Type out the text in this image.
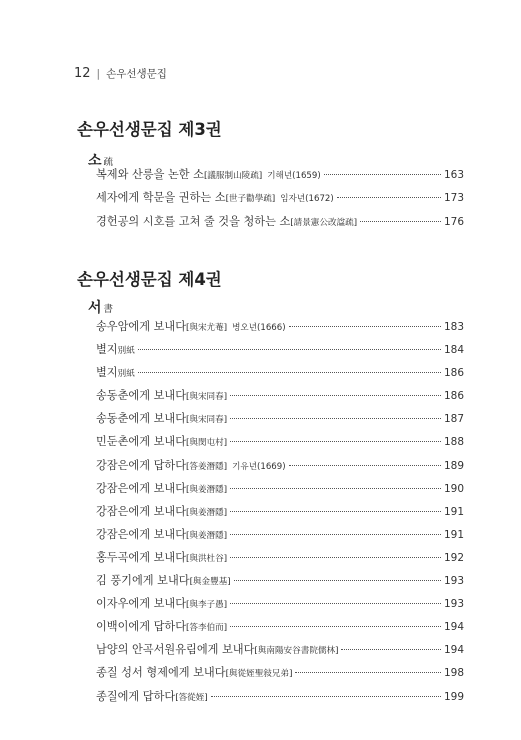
12 | 손우선생문집
손우선생문집 제3권
소 疏
복제와 산릉을 논한 소[議服制山陵疏] 기해년(1659)	163
세자에게 학문을 권하는 소[世子勸學疏] 임자년(1672)	173
경헌공의 시호를 고쳐 줄 것을 청하는 소[請景憲公改諡疏]	176
손우선생문집 제4권
서 書
송우암에게 보내다[與宋尤菴] 병오년(1666)	183
별지別紙	184
별지別紙	186
송동춘에게 보내다[與宋同春]	186
송동춘에게 보내다[與宋同春]	187
민둔촌에게 보내다[與閔屯村]	188
강잠은에게 답하다[答姜潛隱] 기유년(1669)	189
강잠은에게 보내다[與姜潛隱]	190
강잠은에게 보내다[與姜潛隱]	191
강잠은에게 보내다[與姜潛隱]	191
홍두곡에게 보내다[與洪杜谷]	192
김 풍기에게 보내다[與金豐基]	193
이자우에게 보내다[與李子愚]	193
이백이에게 답하다[答李伯而]	194
남양의 안곡서원유림에게 보내다[與南陽安谷書院儒林]	194
종질 성서 형제에게 보내다[與從姪聖敍兄弟]	198
종질에게 답하다[答從姪]	199
